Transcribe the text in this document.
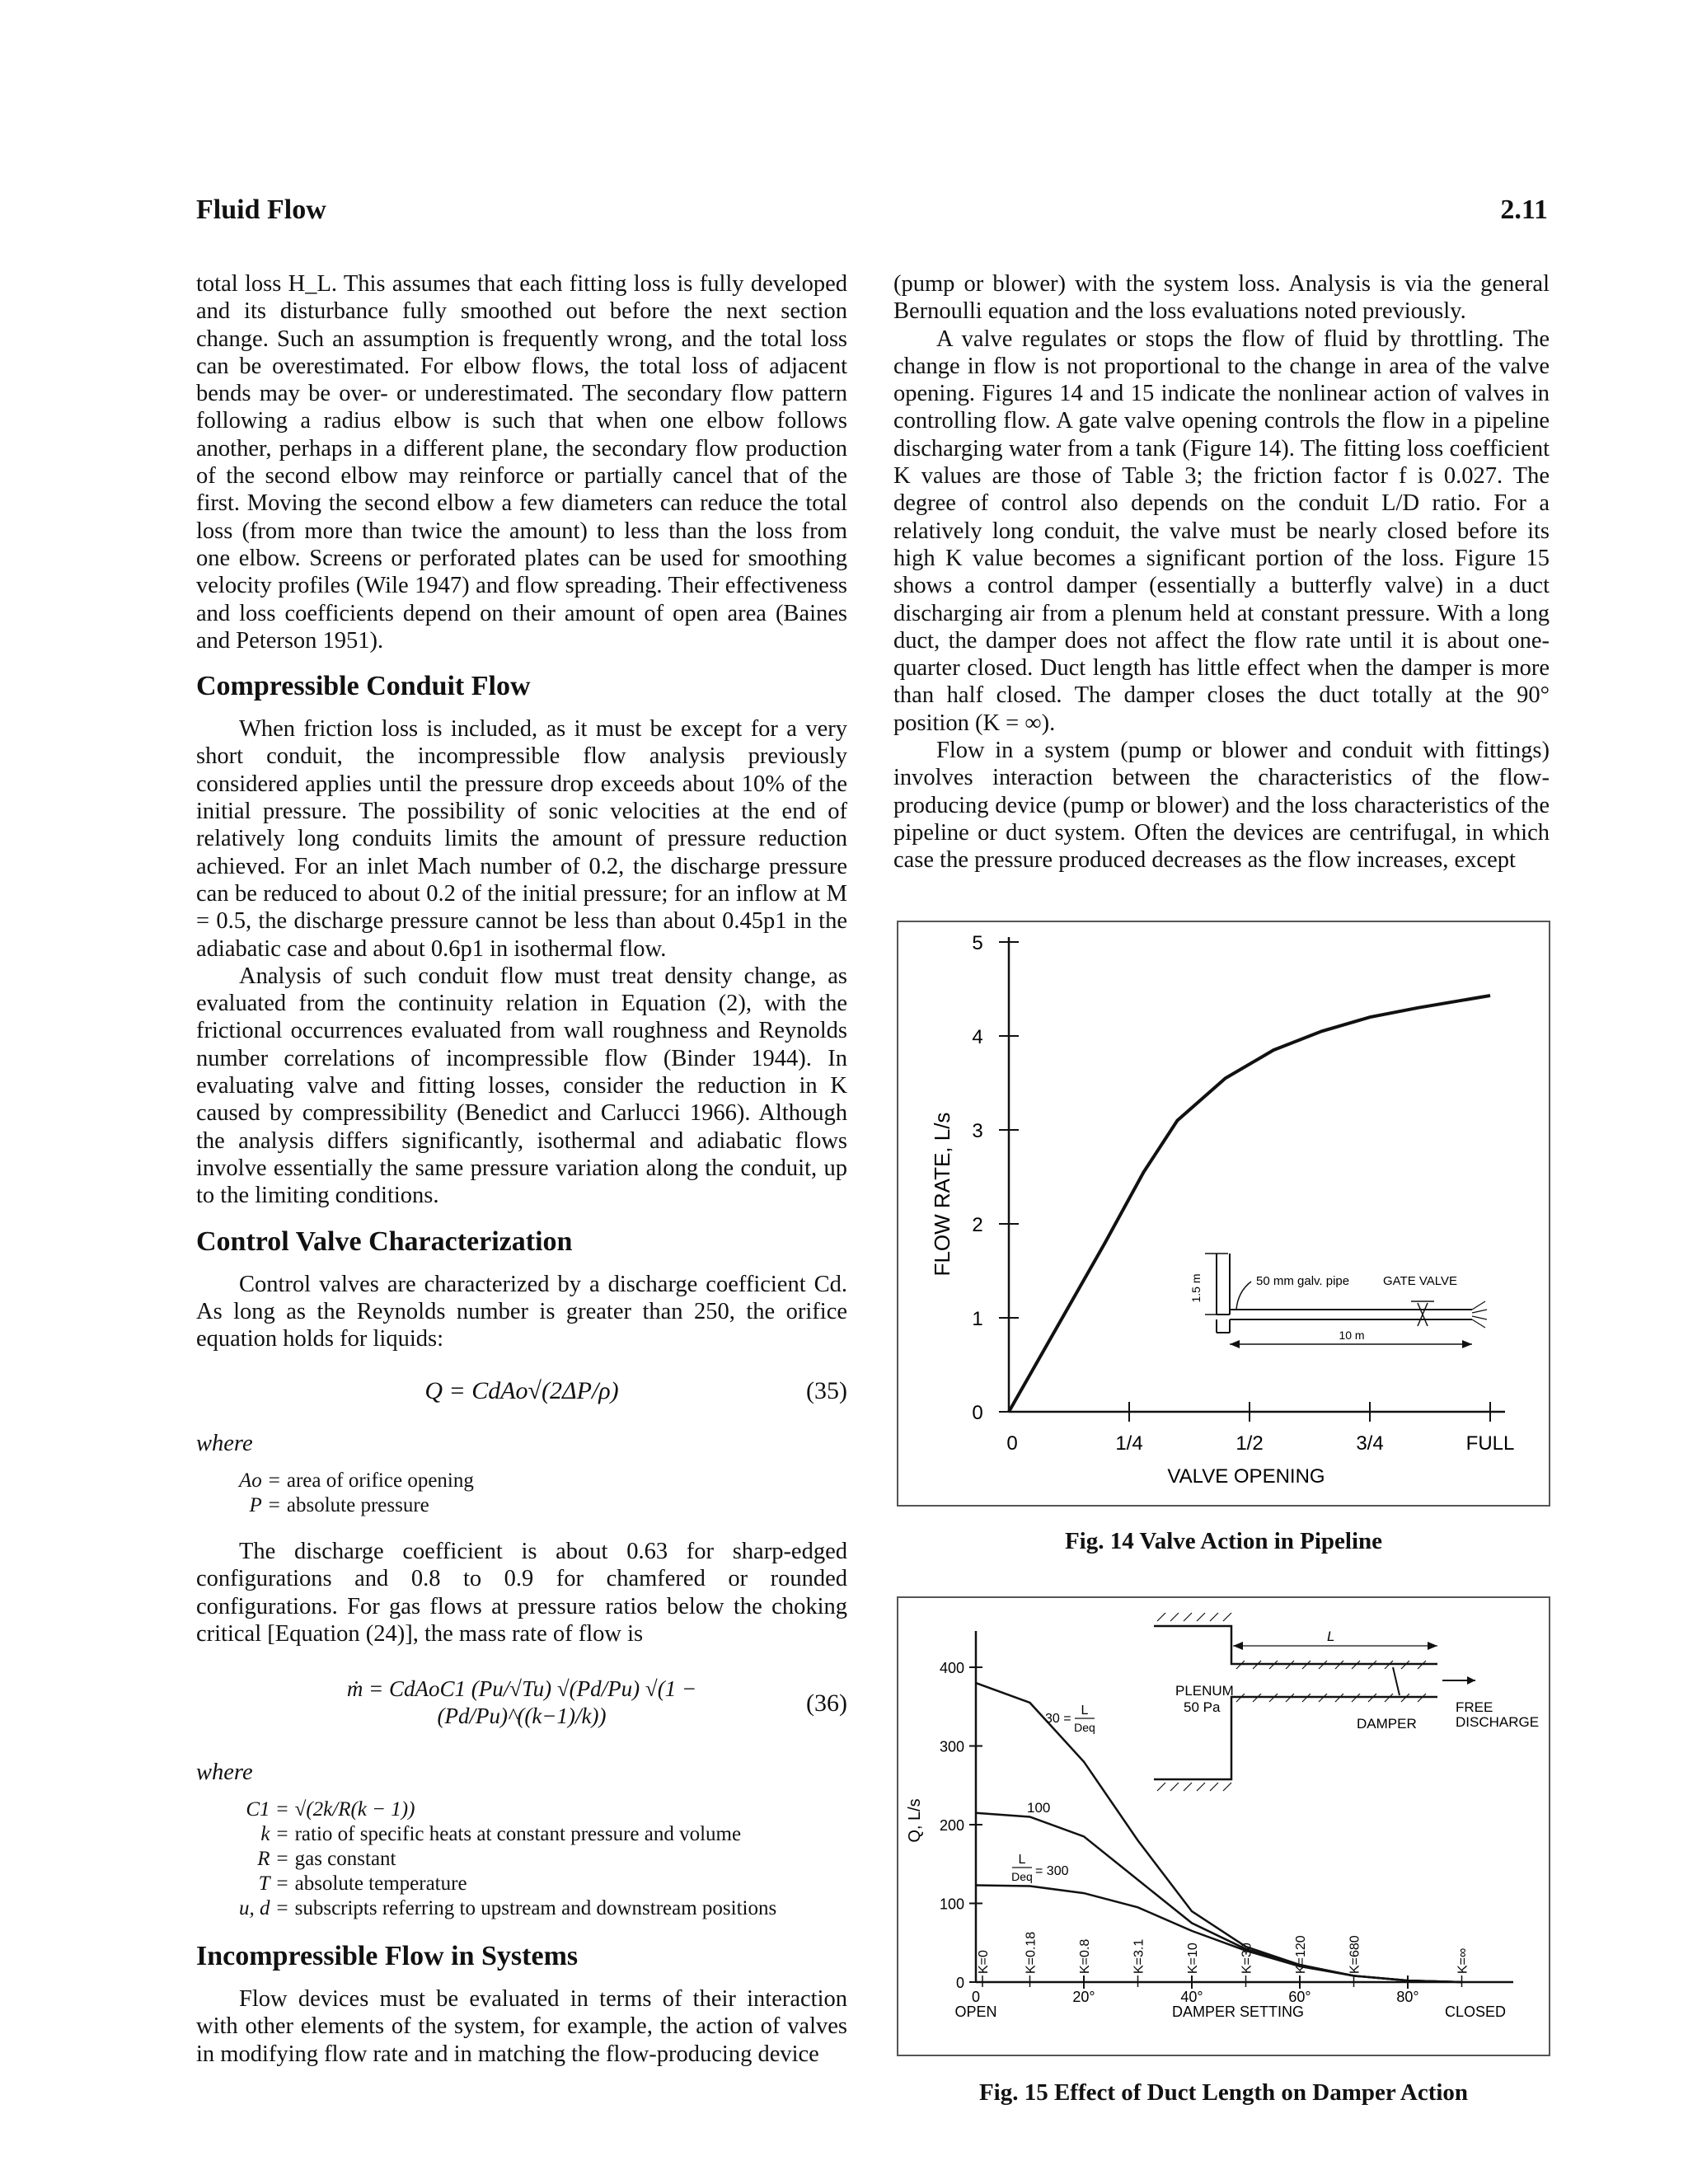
Fluid Flow	2.11

total loss H_L. This assumes that each fitting loss is fully developed and its disturbance fully smoothed out before the next section change. Such an assumption is frequently wrong, and the total loss can be overestimated. For elbow flows, the total loss of adjacent bends may be over- or underestimated. The secondary flow pattern following a radius elbow is such that when one elbow follows another, perhaps in a different plane, the secondary flow production of the second elbow may reinforce or partially cancel that of the first. Moving the second elbow a few diameters can reduce the total loss (from more than twice the amount) to less than the loss from one elbow. Screens or perforated plates can be used for smoothing velocity profiles (Wile 1947) and flow spreading. Their effectiveness and loss coefficients depend on their amount of open area (Baines and Peterson 1951).

Compressible Conduit Flow

When friction loss is included, as it must be except for a very short conduit, the incompressible flow analysis previously considered applies until the pressure drop exceeds about 10% of the initial pressure. The possibility of sonic velocities at the end of relatively long conduits limits the amount of pressure reduction achieved. For an inlet Mach number of 0.2, the discharge pressure can be reduced to about 0.2 of the initial pressure; for an inflow at M = 0.5, the discharge pressure cannot be less than about 0.45p1 in the adiabatic case and about 0.6p1 in isothermal flow.

Analysis of such conduit flow must treat density change, as evaluated from the continuity relation in Equation (2), with the frictional occurrences evaluated from wall roughness and Reynolds number correlations of incompressible flow (Binder 1944). In evaluating valve and fitting losses, consider the reduction in K caused by compressibility (Benedict and Carlucci 1966). Although the analysis differs significantly, isothermal and adiabatic flows involve essentially the same pressure variation along the conduit, up to the limiting conditions.

Control Valve Characterization

Control valves are characterized by a discharge coefficient Cd. As long as the Reynolds number is greater than 250, the orifice equation holds for liquids:

Q = CdAo√(2ΔP/ρ)	(35)
where
Ao	=	area of orifice opening
P	=	absolute pressure

The discharge coefficient is about 0.63 for sharp-edged configurations and 0.8 to 0.9 for chamfered or rounded configurations. For gas flows at pressure ratios below the choking critical [Equation (24)], the mass rate of flow is

ṁ = CdAoC1 (Pu/√Tu) √(Pd/Pu) √(1 − (Pd/Pu)^((k−1)/k))	(36)
where
C1	=	√(2k/R(k − 1))
k	=	ratio of specific heats at constant pressure and volume
R	=	gas constant
T	=	absolute temperature
u, d	=	subscripts referring to upstream and downstream positions
Incompressible Flow in Systems

Flow devices must be evaluated in terms of their interaction with other elements of the system, for example, the action of valves in modifying flow rate and in matching the flow-producing device

(pump or blower) with the system loss. Analysis is via the general Bernoulli equation and the loss evaluations noted previously.

A valve regulates or stops the flow of fluid by throttling. The change in flow is not proportional to the change in area of the valve opening. Figures 14 and 15 indicate the nonlinear action of valves in controlling flow. A gate valve opening controls the flow in a pipeline discharging water from a tank (Figure 14). The fitting loss coefficient K values are those of Table 3; the friction factor f is 0.027. The degree of control also depends on the conduit L/D ratio. For a relatively long conduit, the valve must be nearly closed before its high K value becomes a significant portion of the loss. Figure 15 shows a control damper (essentially a butterfly valve) in a duct discharging air from a plenum held at constant pressure. With a long duct, the damper does not affect the flow rate until it is about one-quarter closed. Duct length has little effect when the damper is more than half closed. The damper closes the duct totally at the 90° position (K = ∞).

Flow in a system (pump or blower and conduit with fittings) involves interaction between the characteristics of the flow-producing device (pump or blower) and the loss characteristics of the pipeline or duct system. Often the devices are centrifugal, in which case the pressure produced decreases as the flow increases, except

0
1
2
3
4
5
0	1/4	1/2	3/4	FULL
FLOW RATE, L/s
VALVE OPENING
1.5 m	50 mm galv. pipe	GATE VALVE
10 m
Fig. 14 Valve Action in Pipeline
0
100
200
300
400
0	20°	40°	60°	80°
K=0	K=0.18	K=0.8	K=3.1	K=10	K=30	K=120	K=680	K=∞
Q, L/s
OPEN	DAMPER SETTING	CLOSED
30 =
L
Deq
100
L
Deq = 300
PLENUM
50 Pa
L
DAMPER
FREE
DISCHARGE
Fig. 15 Effect of Duct Length on Damper Action
